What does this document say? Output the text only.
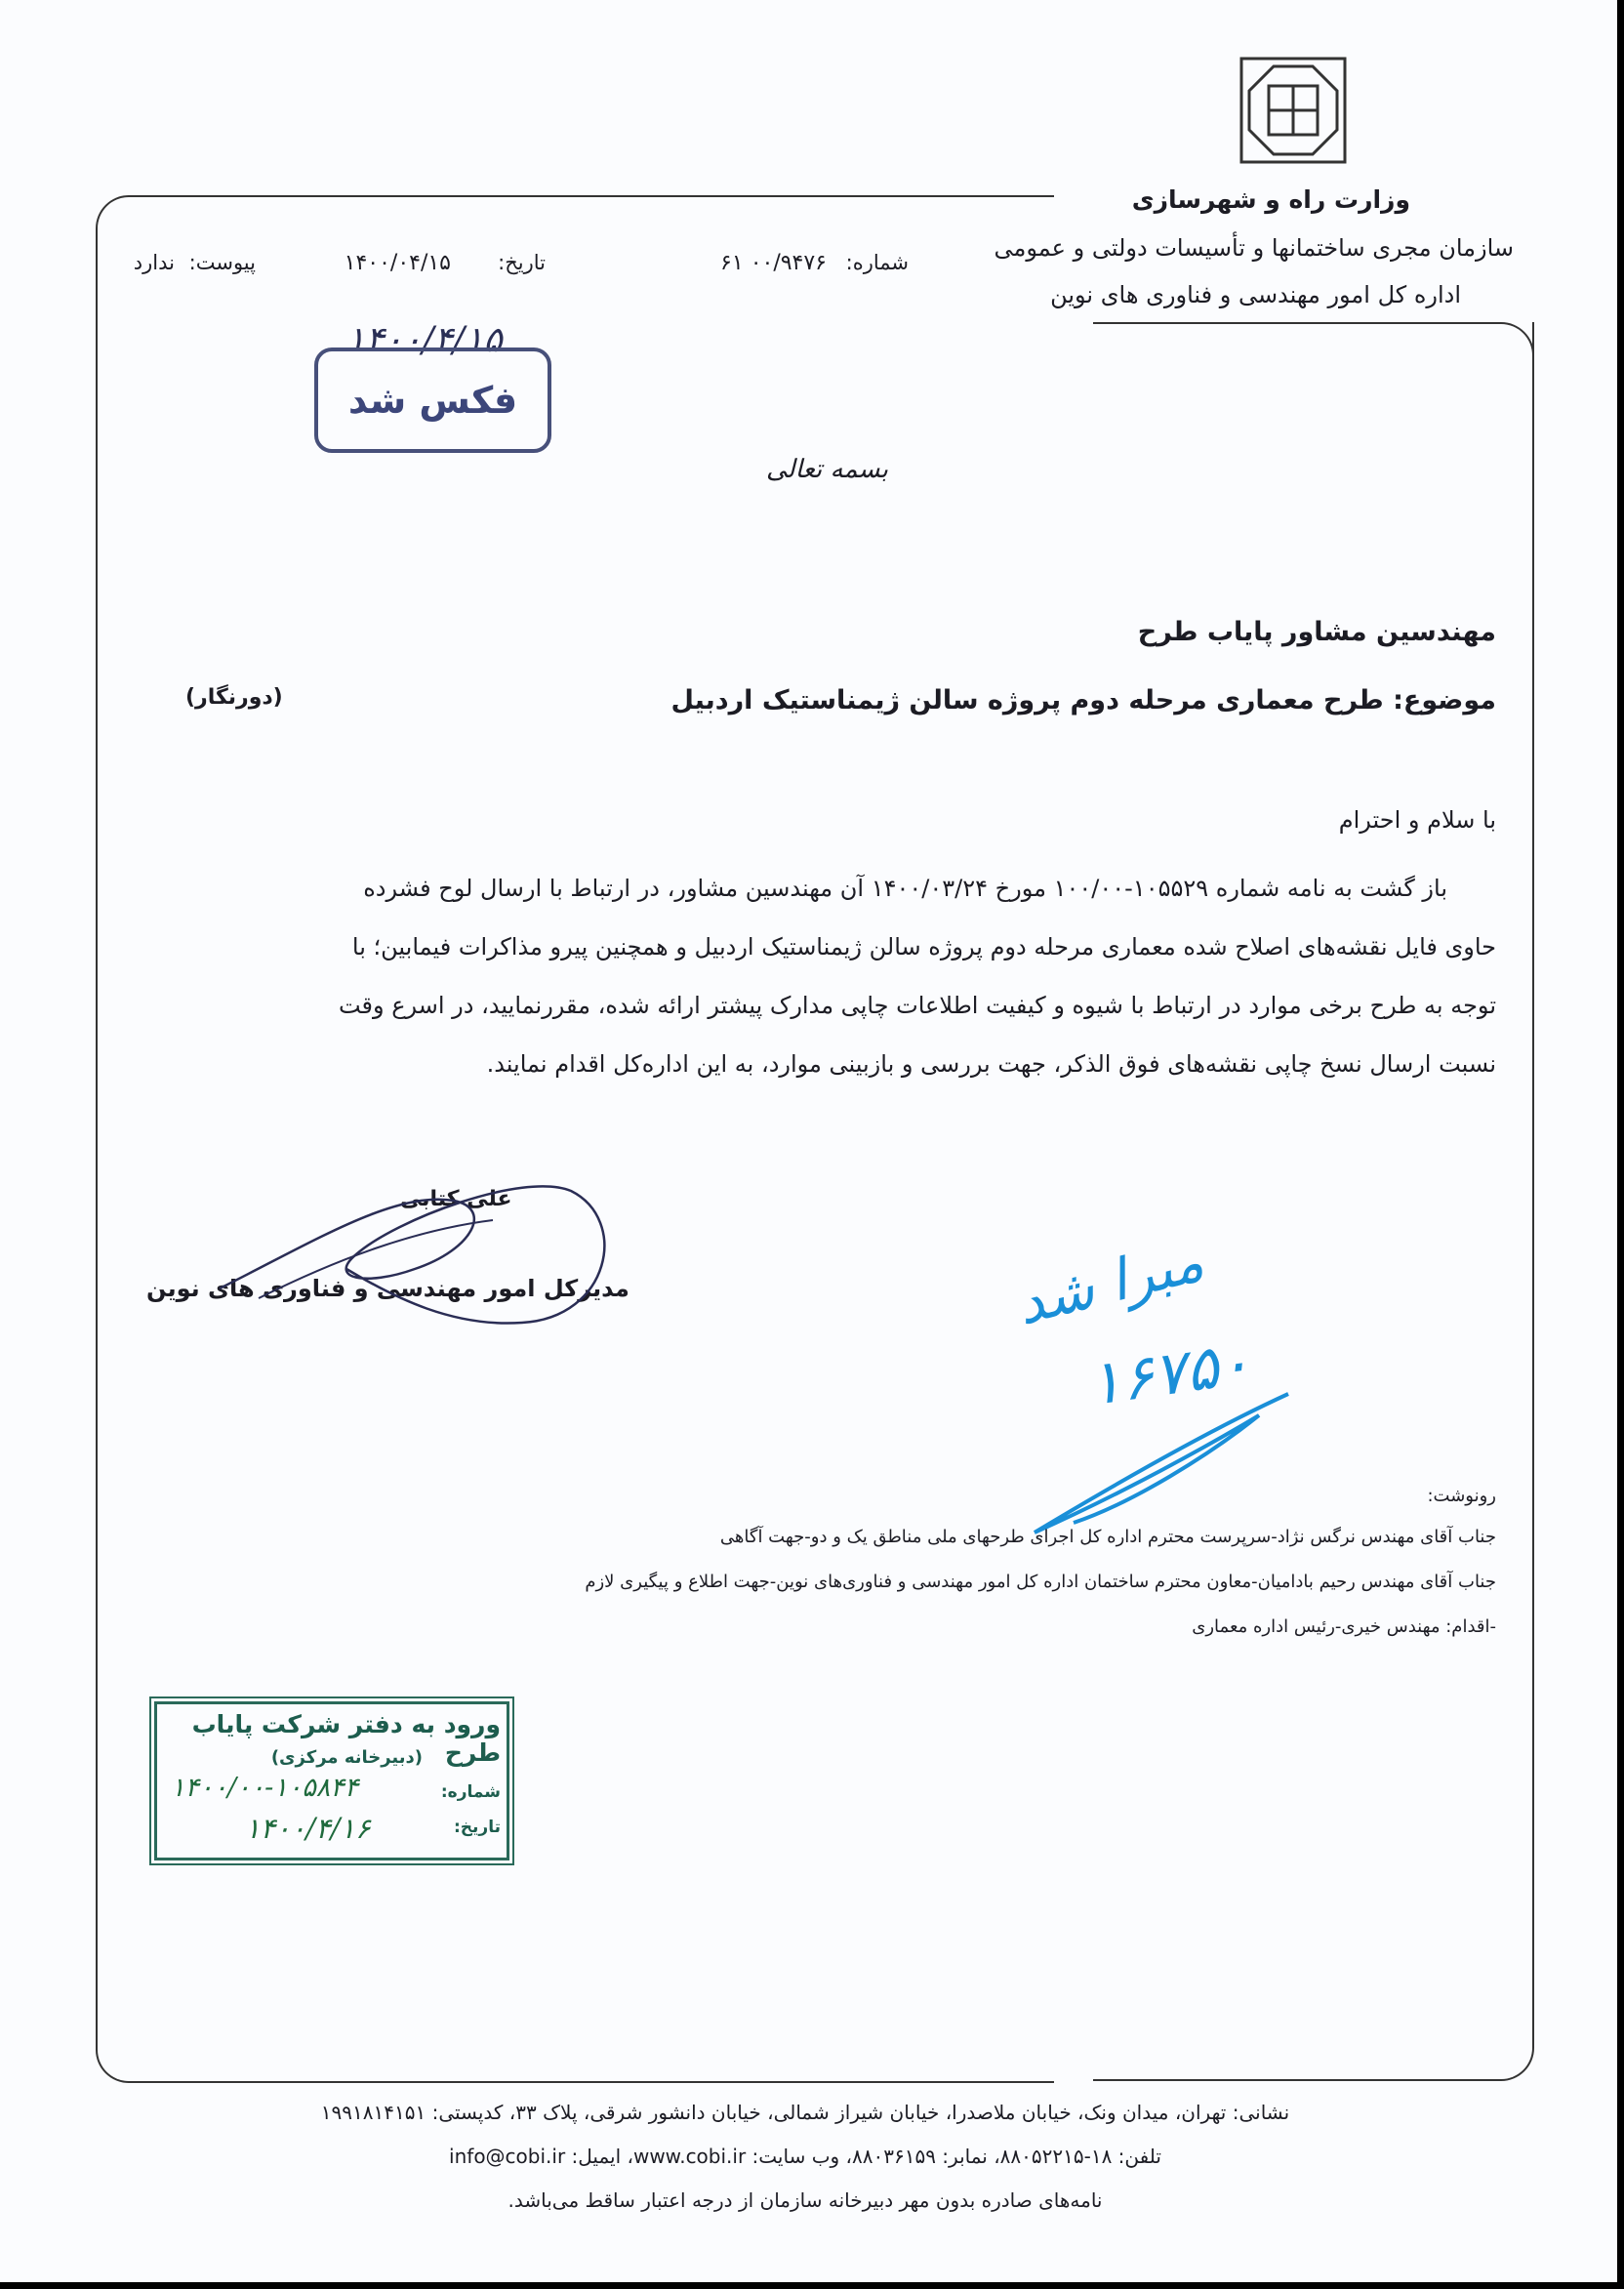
وزارت راه و شهرسازی
سازمان مجری ساختمانها و تأسیسات دولتی و عمومی
اداره کل امور مهندسی و فناوری های نوین
شماره:
۰۰/۹۴۷۶ ۶۱
تاریخ:
۱۴۰۰/۰۴/۱۵
پیوست:
ندارد
۱۴۰۰/۴/۱۵
فکس شد
بسمه تعالی
مهندسین مشاور پایاب طرح
موضوع: طرح معماری مرحله دوم پروژه سالن ژیمناستیک اردبیل
(دورنگار)
با سلام و احترام
باز گشت به نامه شماره ۱۰۵۵۲۹-۱۰۰/۰۰ مورخ ۱۴۰۰/۰۳/۲۴ آن مهندسین مشاور، در ارتباط با ارسال لوح فشرده
حاوی فایل نقشه‌های اصلاح شده معماری مرحله دوم پروژه سالن ژیمناستیک اردبیل و همچنین پیرو مذاکرات فیمابین؛ با
توجه به طرح برخی موارد در ارتباط با شیوه و کیفیت اطلاعات چاپی مدارک پیشتر ارائه شده، مقررنمایید، در اسرع وقت
نسبت ارسال نسخ چاپی نقشه‌های فوق الذکر، جهت بررسی و بازبینی موارد، به این اداره‌کل اقدام نمایند.
علی کتابی
مدیرکل امور مهندسی و فناوری های نوین	مبرا شد
۱۶۷۵۰
رونوشت:
جناب آقای مهندس نرگس نژاد-سرپرست محترم اداره کل اجرای طرحهای ملی مناطق یک و دو-جهت آگاهی
جناب آقای مهندس رحیم بادامیان-معاون محترم ساختمان اداره کل امور مهندسی و فناوری‌های نوین-جهت اطلاع و پیگیری لازم
-اقدام: مهندس خیری-رئیس اداره معماری
ورود به دفتر شرکت پایاب طرح
(دبیرخانه مرکزی)
شماره:
۱۴۰۰/۰۰-۱۰۵۸۴۴
تاریخ:
۱۴۰۰/۴/۱۶
نشانی: تهران، میدان ونک، خیابان ملاصدرا، خیابان شیراز شمالی، خیابان دانشور شرقی، پلاک ۳۳، کدپستی: ۱۹۹۱۸۱۴۱۵۱
تلفن: ۱۸-۸۸۰۵۲۲۱۵، نمابر: ۸۸۰۳۶۱۵۹، وب سایت: www.cobi.ir، ایمیل: info@cobi.ir
نامه‌های صادره بدون مهر دبیرخانه سازمان از درجه اعتبار ساقط می‌باشد.
